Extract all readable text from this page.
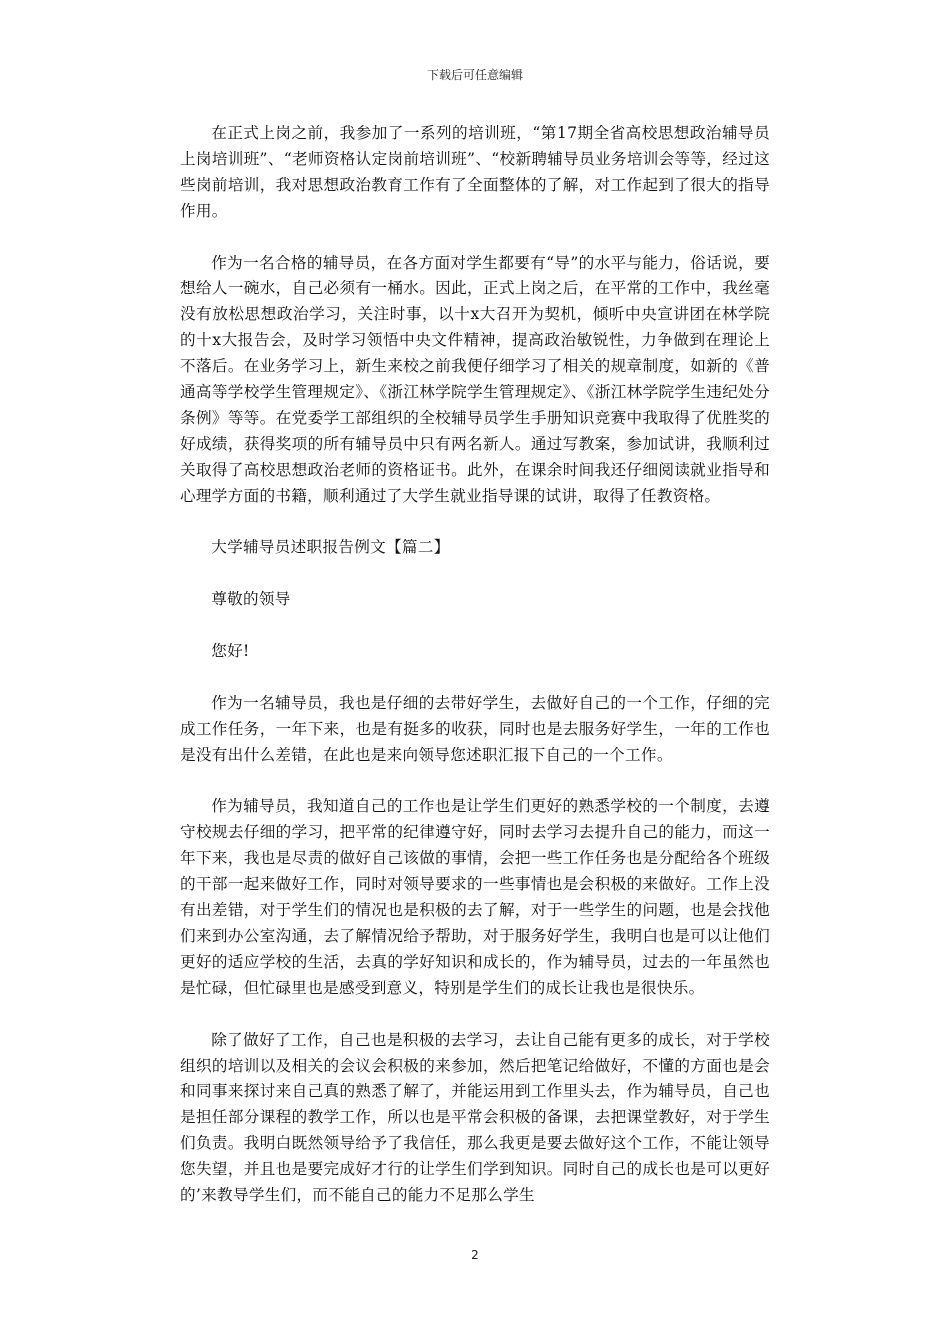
下载后可任意编辑

在正式上岗之前，我参加了一系列的培训班，“第17期全省高校思想政治辅导员上岗培训班”、“老师资格认定岗前培训班”、“校新聘辅导员业务培训会等等，经过这些岗前培训，我对思想政治教育工作有了全面整体的了解，对工作起到了很大的指导作用。

作为一名合格的辅导员，在各方面对学生都要有“导”的水平与能力，俗话说，要想给人一碗水，自己必须有一桶水。因此，正式上岗之后，在平常的工作中，我丝毫没有放松思想政治学习，关注时事，以十x大召开为契机，倾听中央宣讲团在林学院的十x大报告会，及时学习领悟中央文件精神，提高政治敏锐性，力争做到在理论上不落后。在业务学习上，新生来校之前我便仔细学习了相关的规章制度，如新的《普通高等学校学生管理规定》、《浙江林学院学生管理规定》、《浙江林学院学生违纪处分条例》等等。在党委学工部组织的全校辅导员学生手册知识竞赛中我取得了优胜奖的好成绩，获得奖项的所有辅导员中只有两名新人。通过写教案，参加试讲，我顺利过关取得了高校思想政治老师的资格证书。此外，在课余时间我还仔细阅读就业指导和心理学方面的书籍，顺利通过了大学生就业指导课的试讲，取得了任教资格。

大学辅导员述职报告例文【篇二】

尊敬的领导

您好!

作为一名辅导员，我也是仔细的去带好学生，去做好自己的一个工作，仔细的完成工作任务，一年下来，也是有挺多的收获，同时也是去服务好学生，一年的工作也是没有出什么差错，在此也是来向领导您述职汇报下自己的一个工作。

作为辅导员，我知道自己的工作也是让学生们更好的熟悉学校的一个制度，去遵守校规去仔细的学习，把平常的纪律遵守好，同时去学习去提升自己的能力，而这一年下来，我也是尽责的做好自己该做的事情，会把一些工作任务也是分配给各个班级的干部一起来做好工作，同时对领导要求的一些事情也是会积极的来做好。工作上没有出差错，对于学生们的情况也是积极的去了解，对于一些学生的问题，也是会找他们来到办公室沟通，去了解情况给予帮助，对于服务好学生，我明白也是可以让他们更好的适应学校的生活，去真的学好知识和成长的，作为辅导员，过去的一年虽然也是忙碌，但忙碌里也是感受到意义，特别是学生们的成长让我也是很快乐。

除了做好了工作，自己也是积极的去学习，去让自己能有更多的成长，对于学校组织的培训以及相关的会议会积极的来参加，然后把笔记给做好，不懂的方面也是会和同事来探讨来自己真的熟悉了解了，并能运用到工作里头去，作为辅导员，自己也是担任部分课程的教学工作，所以也是平常会积极的备课，去把课堂教好，对于学生们负责。我明白既然领导给予了我信任，那么我更是要去做好这个工作，不能让领导您失望，并且也是要完成好才行的让学生们学到知识。同时自己的成长也是可以更好的’来教导学生们，而不能自己的能力不足那么学生

2
